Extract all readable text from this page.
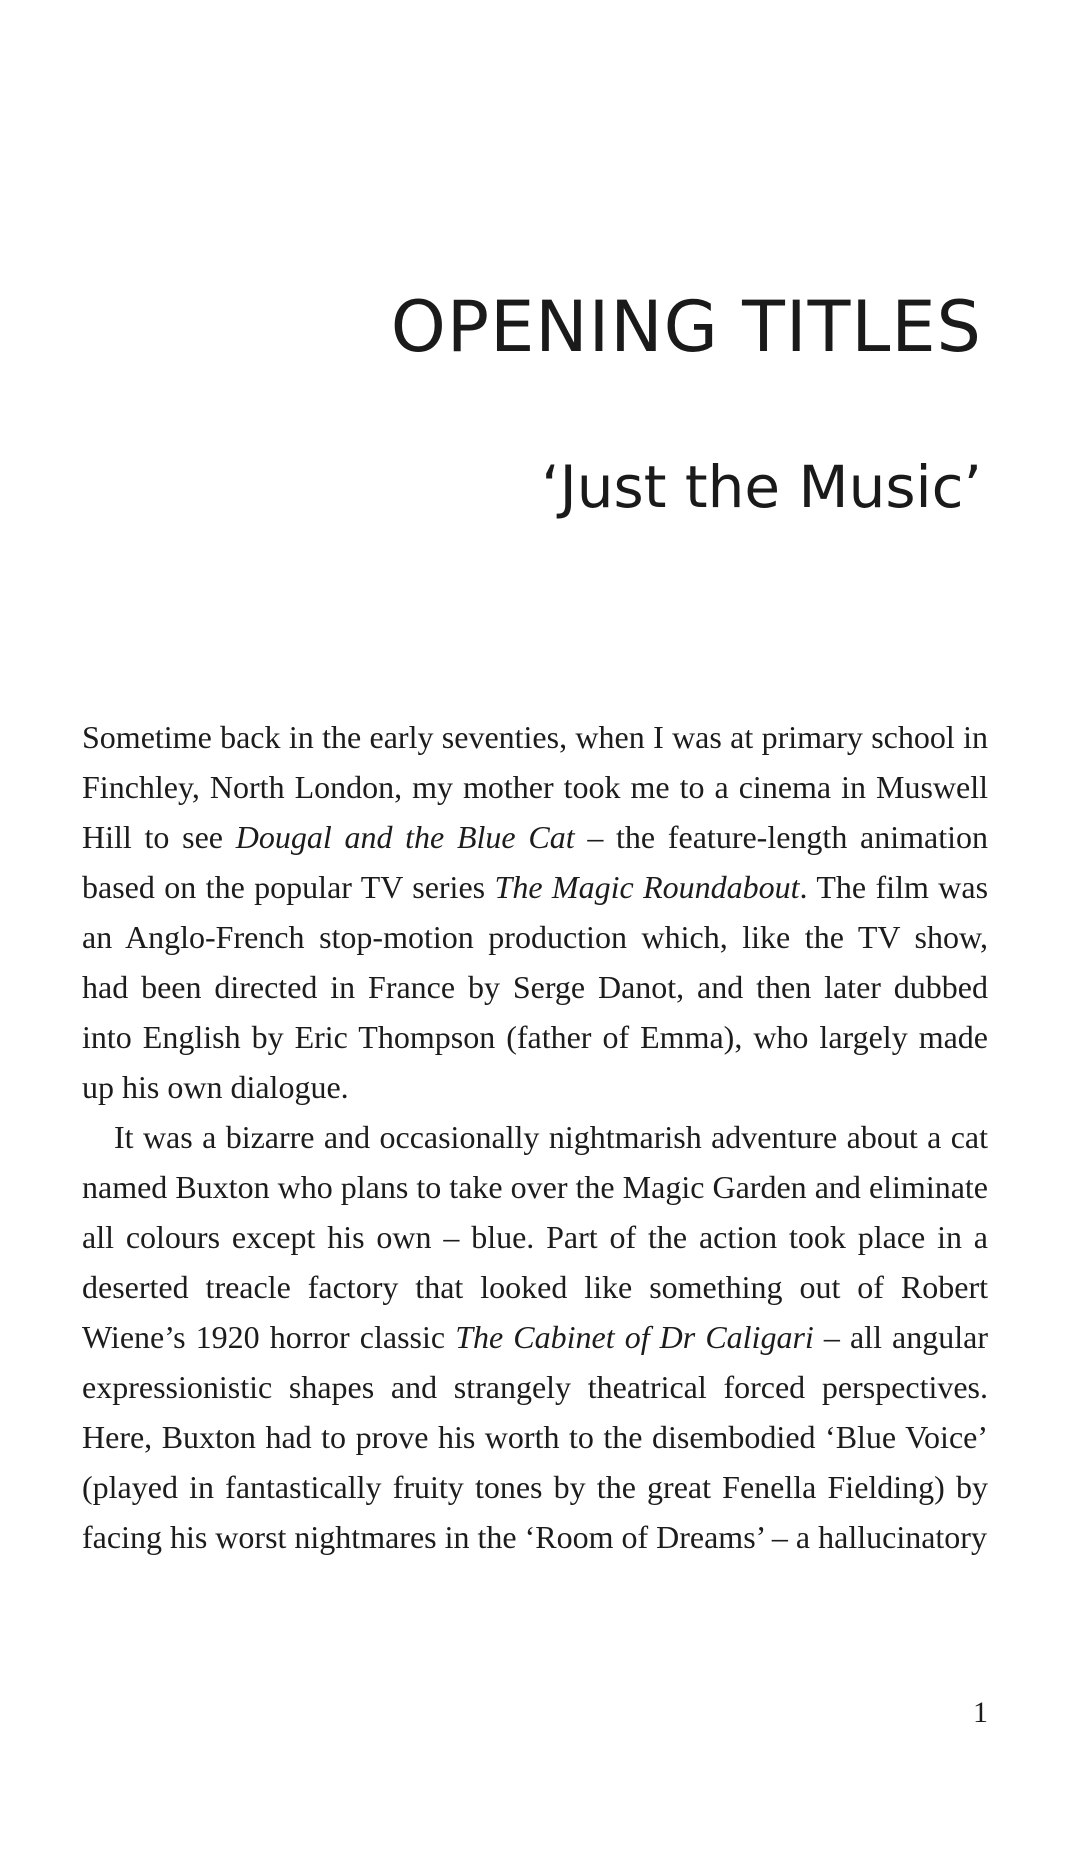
OPENING TITLES
‘Just the Music’

Sometime back in the early seventies, when I was at primary school in Finchley, North London, my mother took me to a cinema in Muswell Hill to see Dougal and the Blue Cat – the feature-length animation based on the popular TV series The Magic Roundabout. The film was an Anglo-French stop-motion production which, like the TV show, had been directed in France by Serge Danot, and then later dubbed into English by Eric Thompson (father of Emma), who largely made up his own dialogue.

It was a bizarre and occasionally nightmarish adventure about a cat named Buxton who plans to take over the Magic Garden and eliminate all colours except his own – blue. Part of the action took place in a deserted treacle factory that looked like something out of Robert Wiene’s 1920 horror classic The Cabinet of Dr Caligari – all angular expressionistic shapes and strangely theatrical forced perspectives. Here, Buxton had to prove his worth to the disembodied ‘Blue Voice’ (played in fantastically fruity tones by the great Fenella Fielding) by facing his worst nightmares in the ‘Room of Dreams’ – a hallucinatory

1
